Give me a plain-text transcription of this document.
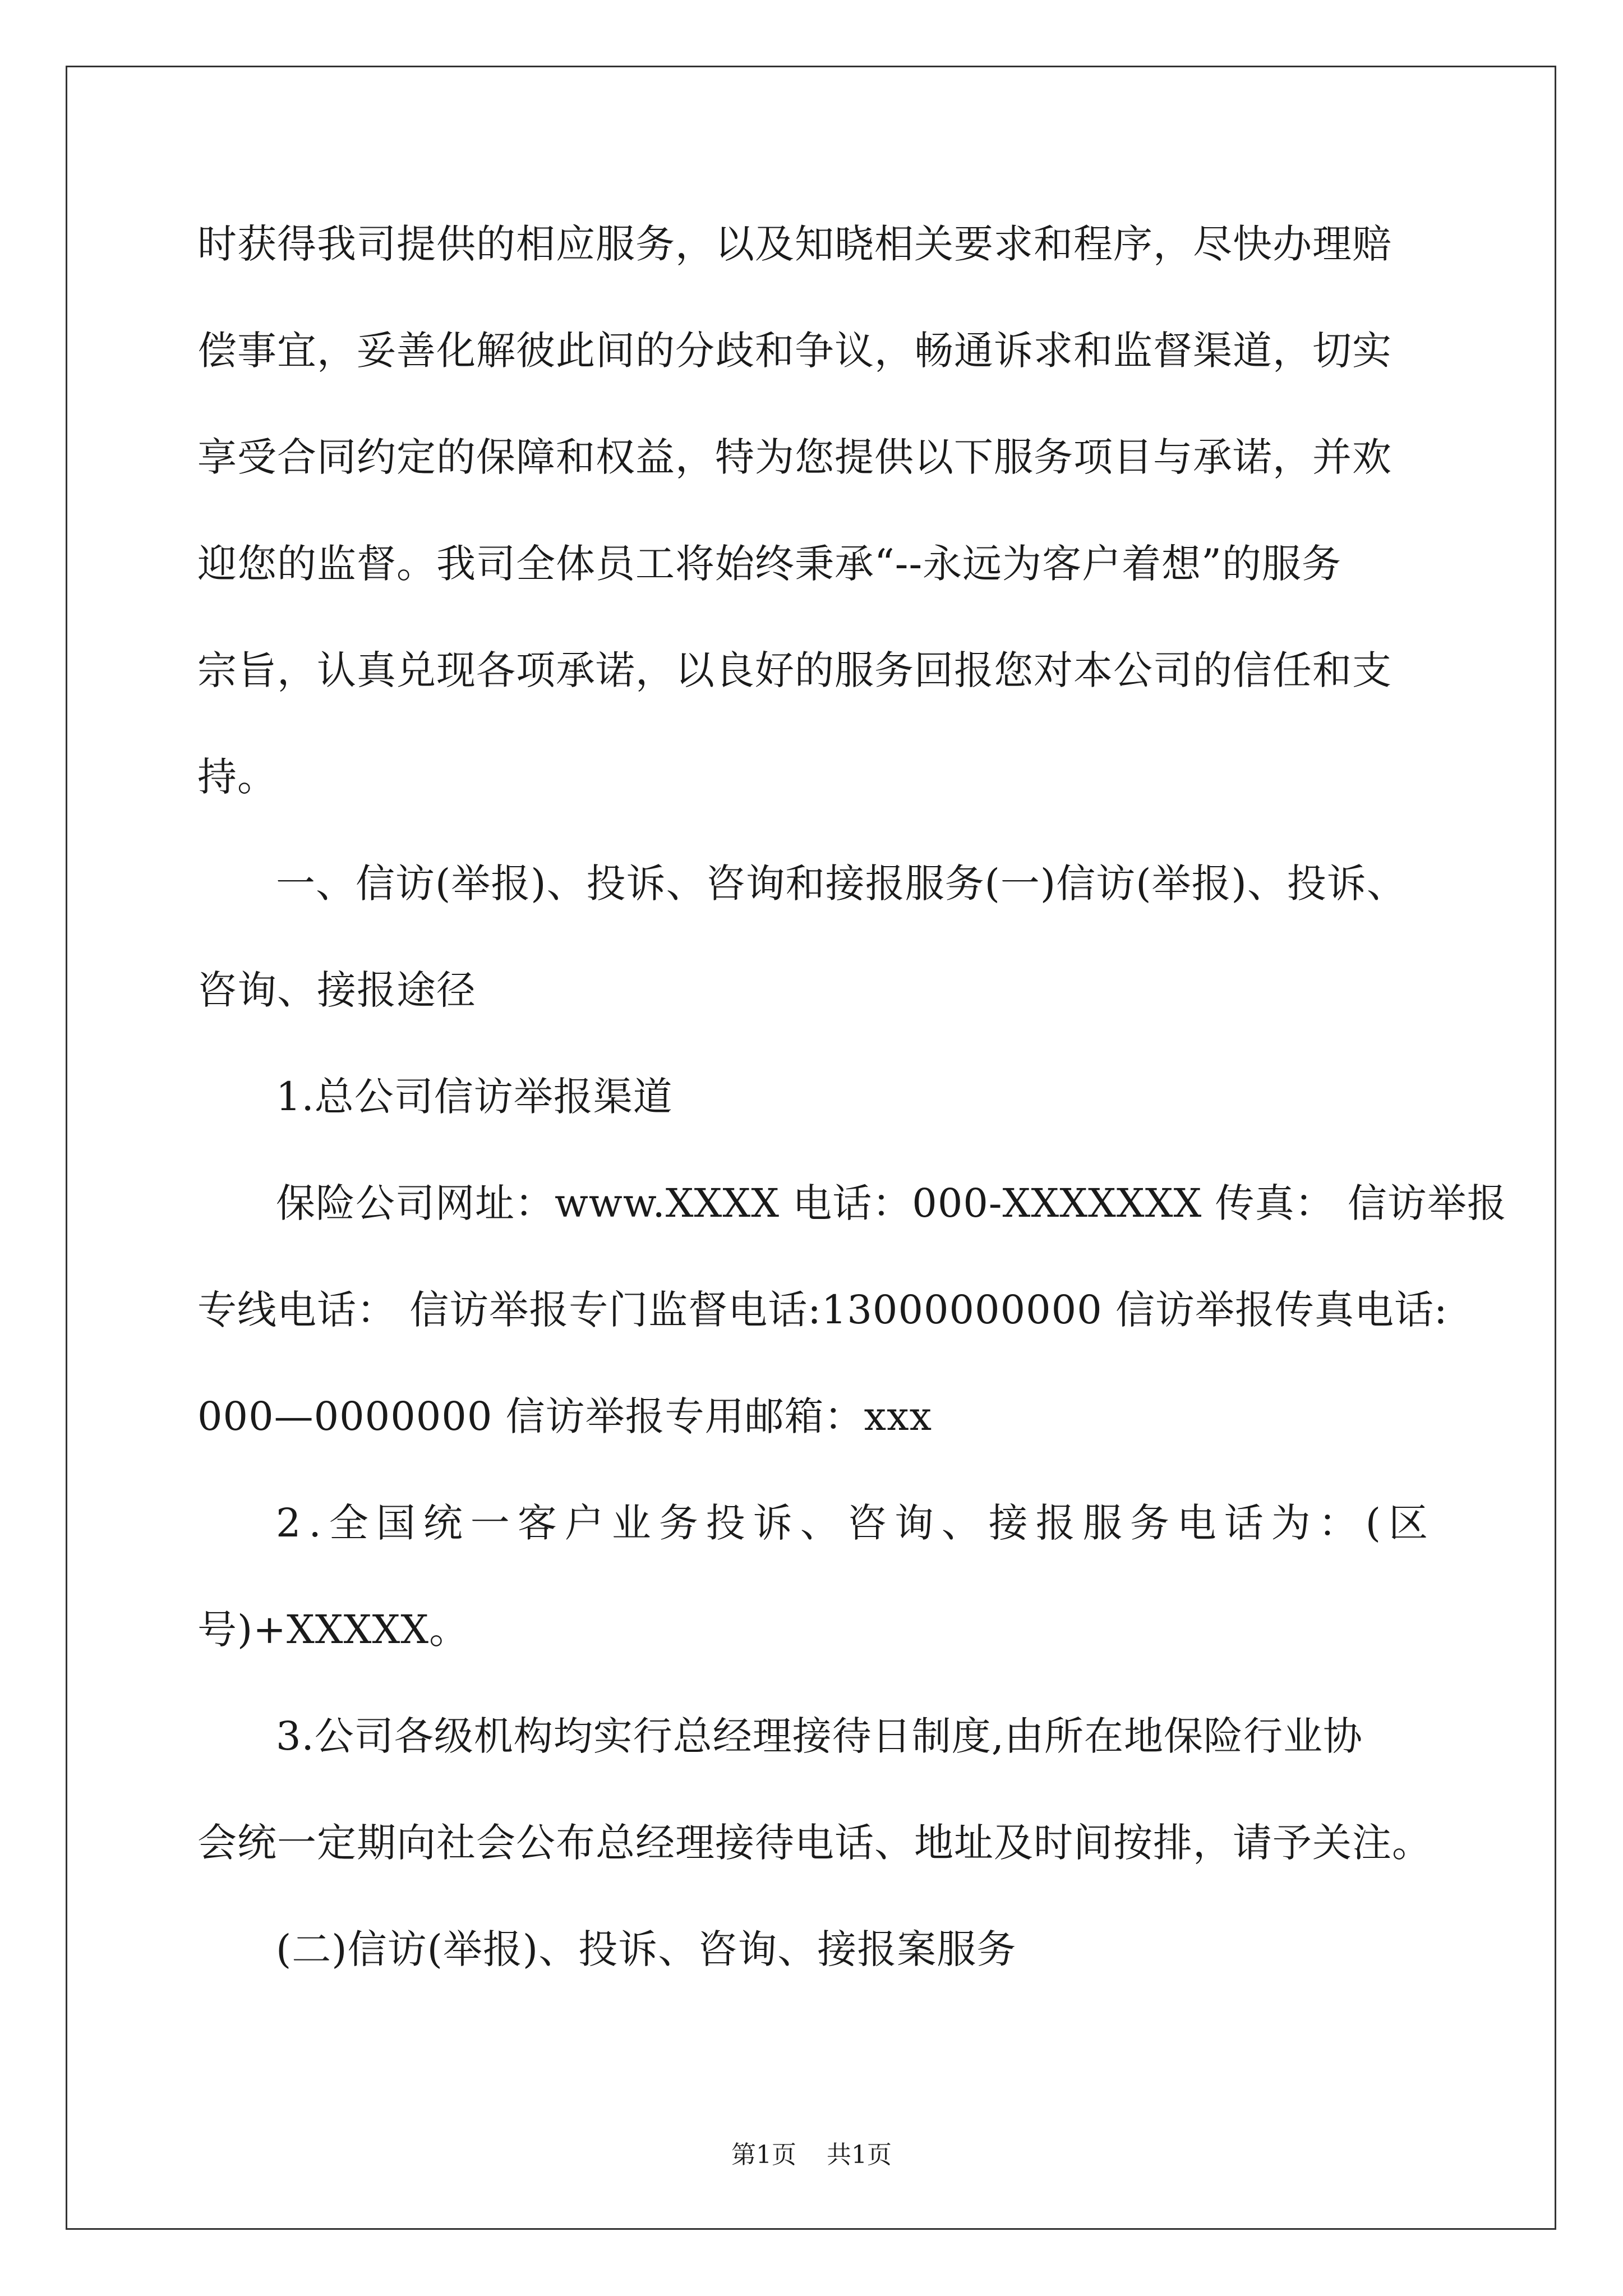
时获得我司提供的相应服务，以及知晓相关要求和程序，尽快办理赔
偿事宜，妥善化解彼此间的分歧和争议，畅通诉求和监督渠道，切实
享受合同约定的保障和权益，特为您提供以下服务项目与承诺，并欢
迎您的监督。我司全体员工将始终秉承“--永远为客户着想”的服务
宗旨，认真兑现各项承诺，以良好的服务回报您对本公司的信任和支
持。
一、信访(举报)、投诉、咨询和接报服务(一)信访(举报)、投诉、
咨询、接报途径
1.总公司信访举报渠道
保险公司网址：www.XXXX 电话：000-XXXXXXX 传真： 信访举报
专线电话： 信访举报专门监督电话:13000000000 信访举报传真电话:
000—0000000 信访举报专用邮箱：xxx
2.全国统一客户业务投诉、咨询、接报服务电话为：(区
号)+XXXXX。
3.公司各级机构均实行总经理接待日制度,由所在地保险行业协
会统一定期向社会公布总经理接待电话、地址及时间按排，请予关注。
(二)信访(举报)、投诉、咨询、接报案服务
第1页 共1页
